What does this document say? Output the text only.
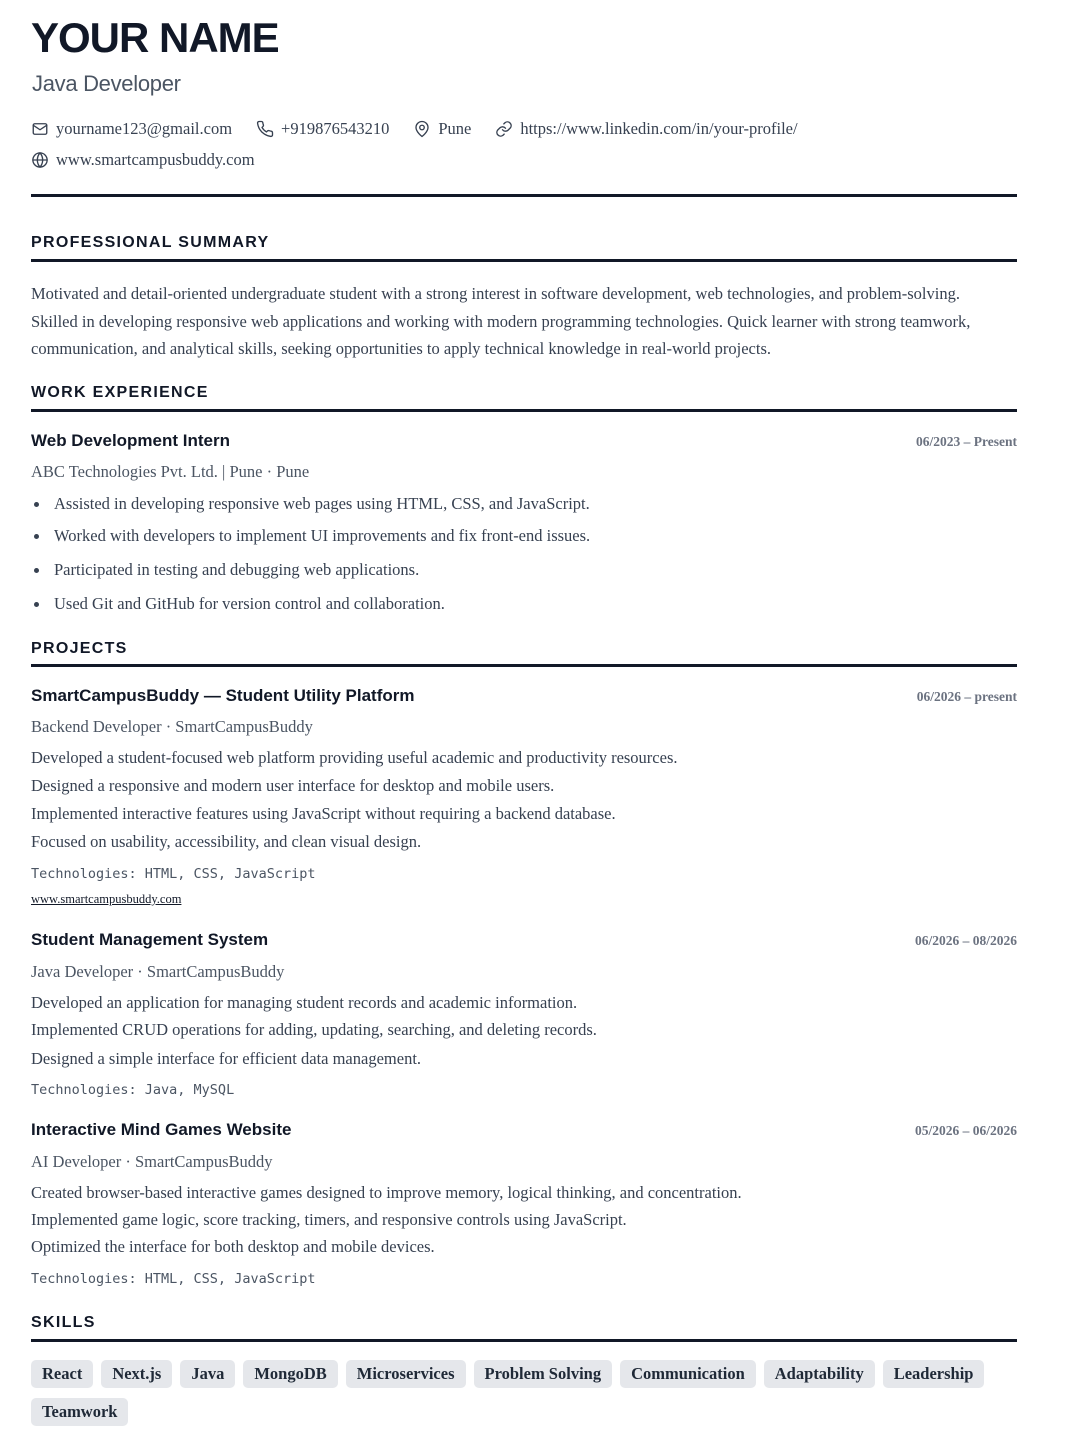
YOUR NAME
Java Developer
yourname123@gmail.com	+919876543210	Pune	https://www.linkedin.com/in/your-profile/
www.smartcampusbuddy.com
PROFESSIONAL SUMMARY
Motivated and detail-oriented undergraduate student with a strong interest in software development, web technologies, and problem-solving.
Skilled in developing responsive web applications and working with modern programming technologies. Quick learner with strong teamwork,
communication, and analytical skills, seeking opportunities to apply technical knowledge in real-world projects.
WORK EXPERIENCE
Web Development Intern	06/2023 – Present
ABC Technologies Pvt. Ltd. | Pune · Pune
Assisted in developing responsive web pages using HTML, CSS, and JavaScript.
Worked with developers to implement UI improvements and fix front-end issues.
Participated in testing and debugging web applications.
Used Git and GitHub for version control and collaboration.
PROJECTS
SmartCampusBuddy — Student Utility Platform	06/2026 – present
Backend Developer · SmartCampusBuddy
Developed a student-focused web platform providing useful academic and productivity resources.
Designed a responsive and modern user interface for desktop and mobile users.
Implemented interactive features using JavaScript without requiring a backend database.
Focused on usability, accessibility, and clean visual design.
Technologies: HTML, CSS, JavaScript
www.smartcampusbuddy.com
Student Management System	06/2026 – 08/2026
Java Developer · SmartCampusBuddy
Developed an application for managing student records and academic information.
Implemented CRUD operations for adding, updating, searching, and deleting records.
Designed a simple interface for efficient data management.
Technologies: Java, MySQL
Interactive Mind Games Website	05/2026 – 06/2026
AI Developer · SmartCampusBuddy
Created browser-based interactive games designed to improve memory, logical thinking, and concentration.
Implemented game logic, score tracking, timers, and responsive controls using JavaScript.
Optimized the interface for both desktop and mobile devices.
Technologies: HTML, CSS, JavaScript
SKILLS
React	Next.js	Java	MongoDB	Microservices	Problem Solving	Communication	Adaptability	Leadership
Teamwork
